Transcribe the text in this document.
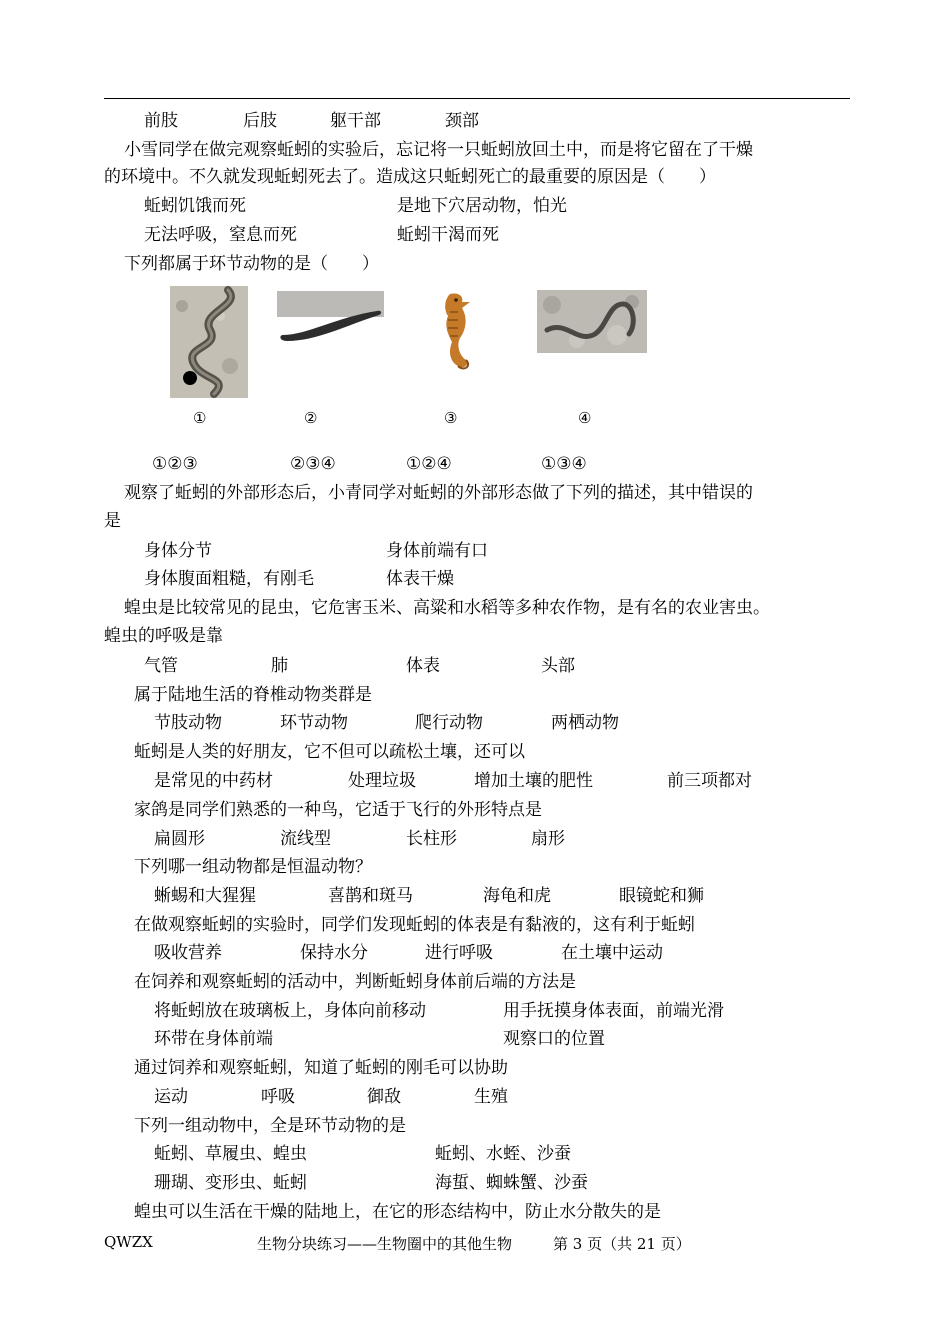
前肢	后肢	躯干部	颈部
小雪同学在做完观察蚯蚓的实验后，忘记将一只蚯蚓放回土中，而是将它留在了干燥
的环境中。不久就发现蚯蚓死去了。造成这只蚯蚓死亡的最重要的原因是（　　）
蚯蚓饥饿而死	是地下穴居动物，怕光
无法呼吸，窒息而死	蚯蚓干渴而死
下列都属于环节动物的是（　　）
①	②	③	④
①②③	②③④	①②④	①③④
观察了蚯蚓的外部形态后，小青同学对蚯蚓的外部形态做了下列的描述，其中错误的
是
身体分节	身体前端有口
身体腹面粗糙，有刚毛	体表干燥
蝗虫是比较常见的昆虫，它危害玉米、高粱和水稻等多种农作物，是有名的农业害虫。
蝗虫的呼吸是靠
气管	肺	体表	头部
属于陆地生活的脊椎动物类群是
节肢动物	环节动物	爬行动物	两栖动物
蚯蚓是人类的好朋友，它不但可以疏松土壤，还可以
是常见的中药材	处理垃圾	增加土壤的肥性	前三项都对
家鸽是同学们熟悉的一种鸟，它适于飞行的外形特点是
扁圆形	流线型	长柱形	扇形
下列哪一组动物都是恒温动物？
蜥蜴和大猩猩	喜鹊和斑马	海龟和虎	眼镜蛇和狮
在做观察蚯蚓的实验时，同学们发现蚯蚓的体表是有黏液的，这有利于蚯蚓
吸收营养	保持水分	进行呼吸	在土壤中运动
在饲养和观察蚯蚓的活动中，判断蚯蚓身体前后端的方法是
将蚯蚓放在玻璃板上，身体向前移动	用手抚摸身体表面，前端光滑
环带在身体前端	观察口的位置
通过饲养和观察蚯蚓，知道了蚯蚓的刚毛可以协助
运动	呼吸	御敌	生殖
下列一组动物中，全是环节动物的是
蚯蚓、草履虫、蝗虫	蚯蚓、水蛭、沙蚕
珊瑚、变形虫、蚯蚓	海蜇、蜘蛛蟹、沙蚕
蝗虫可以生活在干燥的陆地上，在它的形态结构中，防止水分散失的是
QWZX	生物分块练习——生物圈中的其他生物	第 3 页（共 21 页）
